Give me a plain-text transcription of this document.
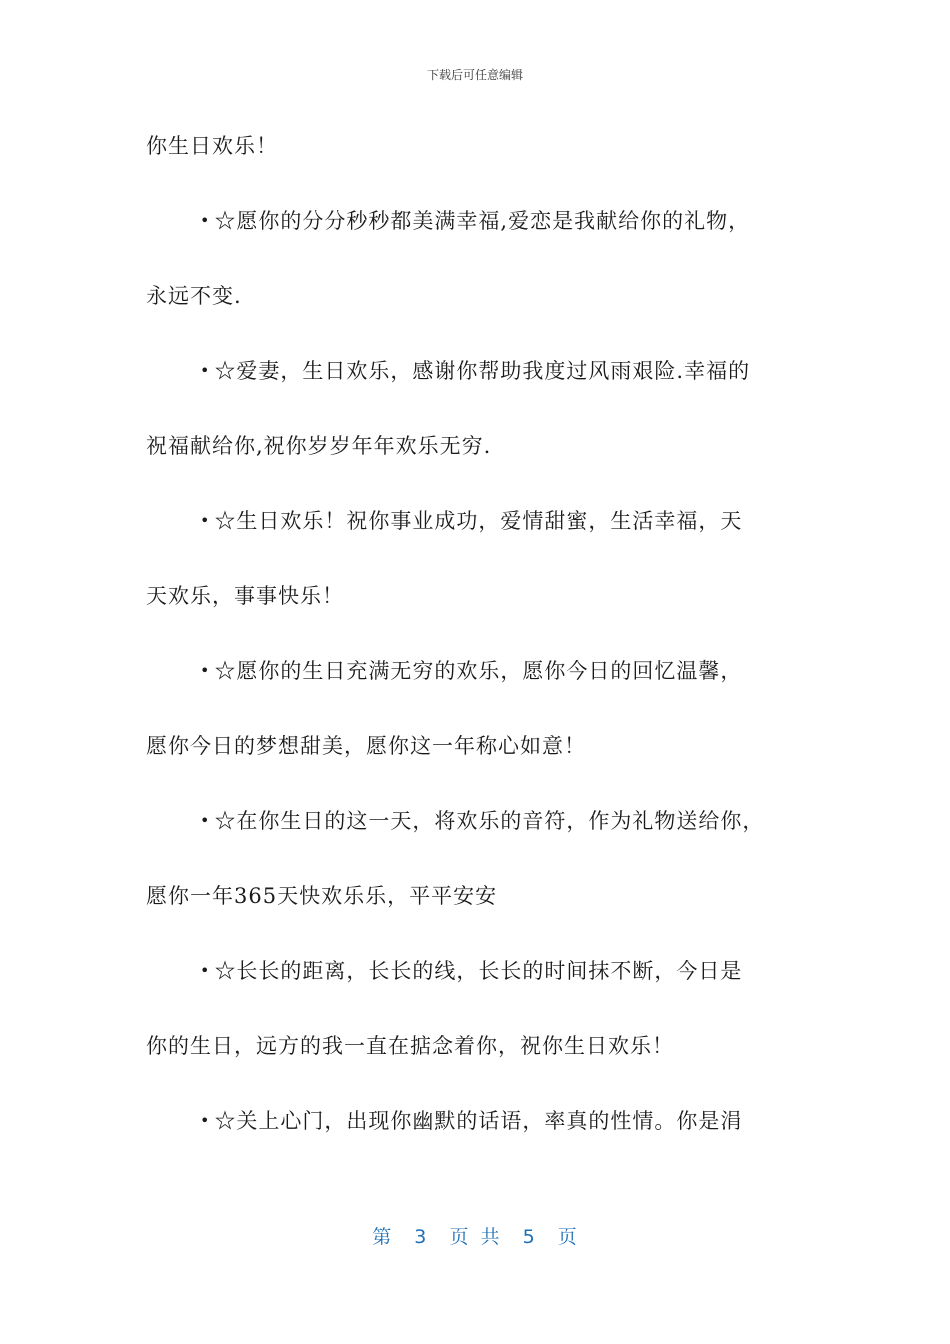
下载后可任意编辑
你生日欢乐！
• ☆愿你的分分秒秒都美满幸福,爱恋是我献给你的礼物，
永远不变.
• ☆爱妻，生日欢乐，感谢你帮助我度过风雨艰险.幸福的
祝福献给你,祝你岁岁年年欢乐无穷.
• ☆生日欢乐！祝你事业成功，爱情甜蜜，生活幸福，天
天欢乐，事事快乐！
• ☆愿你的生日充满无穷的欢乐，愿你今日的回忆温馨，
愿你今日的梦想甜美，愿你这一年称心如意！
• ☆在你生日的这一天，将欢乐的音符，作为礼物送给你，
愿你一年365天快欢乐乐，平平安安
• ☆长长的距离，长长的线，长长的时间抹不断，今日是
你的生日，远方的我一直在掂念着你，祝你生日欢乐！
• ☆关上心门，出现你幽默的话语，率真的性情。你是涓
第  3  页 共  5  页
